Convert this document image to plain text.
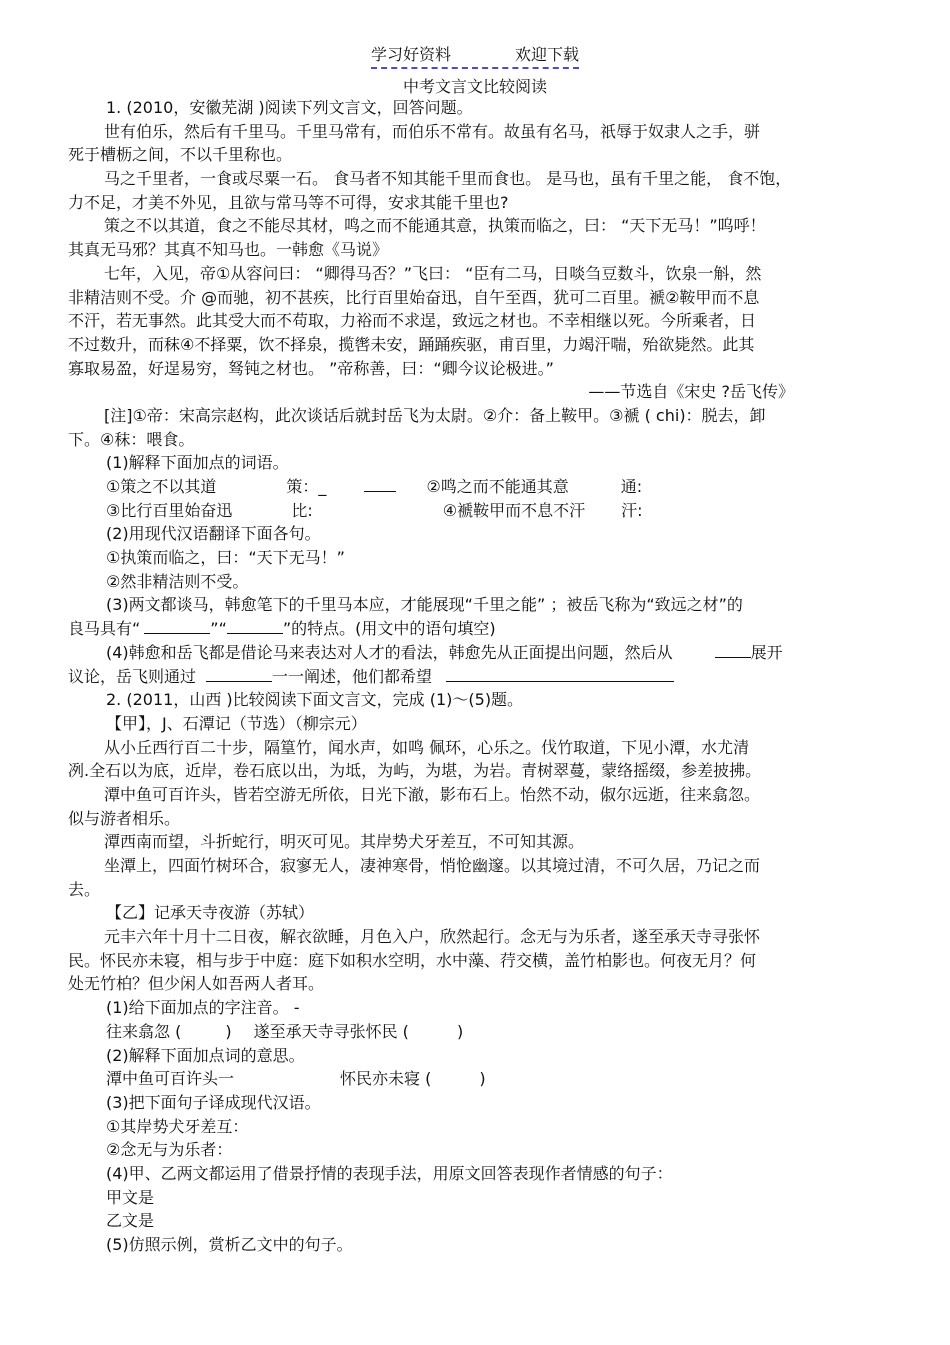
学习好资料	欢迎下载
中考文言文比较阅读
1. (2010，安徽芜湖 )阅读下列文言文，回答问题。
世有伯乐，然后有千里马。千里马常有，而伯乐不常有。故虽有名马，祇辱于奴隶人之手，骈
死于槽枥之间，不以千里称也。
马之千里者，一食或尽粟一石。 食马者不知其能千里而食也。 是马也，虽有千里之能， 食不饱，
力不足，才美不外见，且欲与常马等不可得，安求其能千里也?
策之不以其道，食之不能尽其材，鸣之而不能通其意，执策而临之，曰： “天下无马！”呜呼！
其真无马邪？其真不知马也。一韩愈《马说》
七年，入见，帝①从容问曰： “卿得马否？”飞曰： “臣有二马，日啖刍豆数斗，饮泉一斛，然
非精洁则不受。介 @而驰，初不甚疾，比行百里始奋迅，自午至酉，犹可二百里。褫②鞍甲而不息
不汗，若无事然。此其受大而不苟取，力裕而不求逞，致远之材也。不幸相继以死。今所乘者，日
不过数升，而秣④不择粟，饮不择泉，揽辔未安，踊踊疾驱，甫百里，力竭汗喘，殆欲毙然。此其
寡取易盈，好逞易穷，驽钝之材也。 ”帝称善，曰：“卿今议论极进。”
——节选自《宋史 ?岳飞传》
[注]①帝：宋高宗赵构，此次谈话后就封岳飞为太尉。②介：备上鞍甲。③褫 ( chi)：脱去，卸
下。④秣：喂食。
(1)解释下面加点的词语。
①策之不以其道	策：_	②鸣之而不能通其意	通:
③比行百里始奋迅	比:	④褫鞍甲而不息不汗 汗:
(2)用现代汉语翻译下面各句。
①执策而临之，曰：“天下无马！”
②然非精洁则不受。
(3)两文都谈马，韩愈笔下的千里马本应，才能展现“千里之能” ；被岳飞称为“致远之材”的
良马具有“	”“	”的特点。(用文中的语句填空)
(4)韩愈和岳飞都是借论马来表达对人才的看法，韩愈先从正面提出问题，然后从	展开
议论，岳飞则通过	一一阐述，他们都希望
2. (2011，山西 )比较阅读下面文言文，完成 (1)～(5)题。
【甲】，J、石潭记（节选）（柳宗元）
从小丘西行百二十步，隔篁竹，闻水声，如鸣 佩环，心乐之。伐竹取道，下见小潭，水尤清
冽.全石以为底，近岸，卷石底以出，为坻，为屿，为堪，为岩。青树翠蔓，蒙络摇缀，参差披拂。
潭中鱼可百许头，皆若空游无所依，日光下澈，影布石上。怡然不动，俶尔远逝，往来翕忽。
似与游者相乐。
潭西南而望，斗折蛇行，明灭可见。其岸势犬牙差互，不可知其源。
坐潭上，四面竹树环合，寂寥无人，凄神寒骨，悄怆幽邃。以其境过清，不可久居，乃记之而
去。
【乙】记承天寺夜游（苏轼）
元丰六年十月十二日夜，解衣欲睡，月色入户，欣然起行。念无与为乐者，遂至承天寺寻张怀
民。怀民亦未寝，相与步于中庭：庭下如积水空明，水中藻、荇交横，盖竹柏影也。何夜无月？何
处无竹柏？但少闲人如吾两人者耳。
(1)给下面加点的字注音。 -
往来翕忽 (	) 遂至承天寺寻张怀民 (	)
(2)解释下面加点词的意思。
潭中鱼可百许头一	怀民亦未寝 (	)
(3)把下面句子译成现代汉语。
①其岸势犬牙差互：
②念无与为乐者：
(4)甲、乙两文都运用了借景抒情的表现手法，用原文回答表现作者情感的句子：
甲文是
乙文是
(5)仿照示例，赏析乙文中的句子。
